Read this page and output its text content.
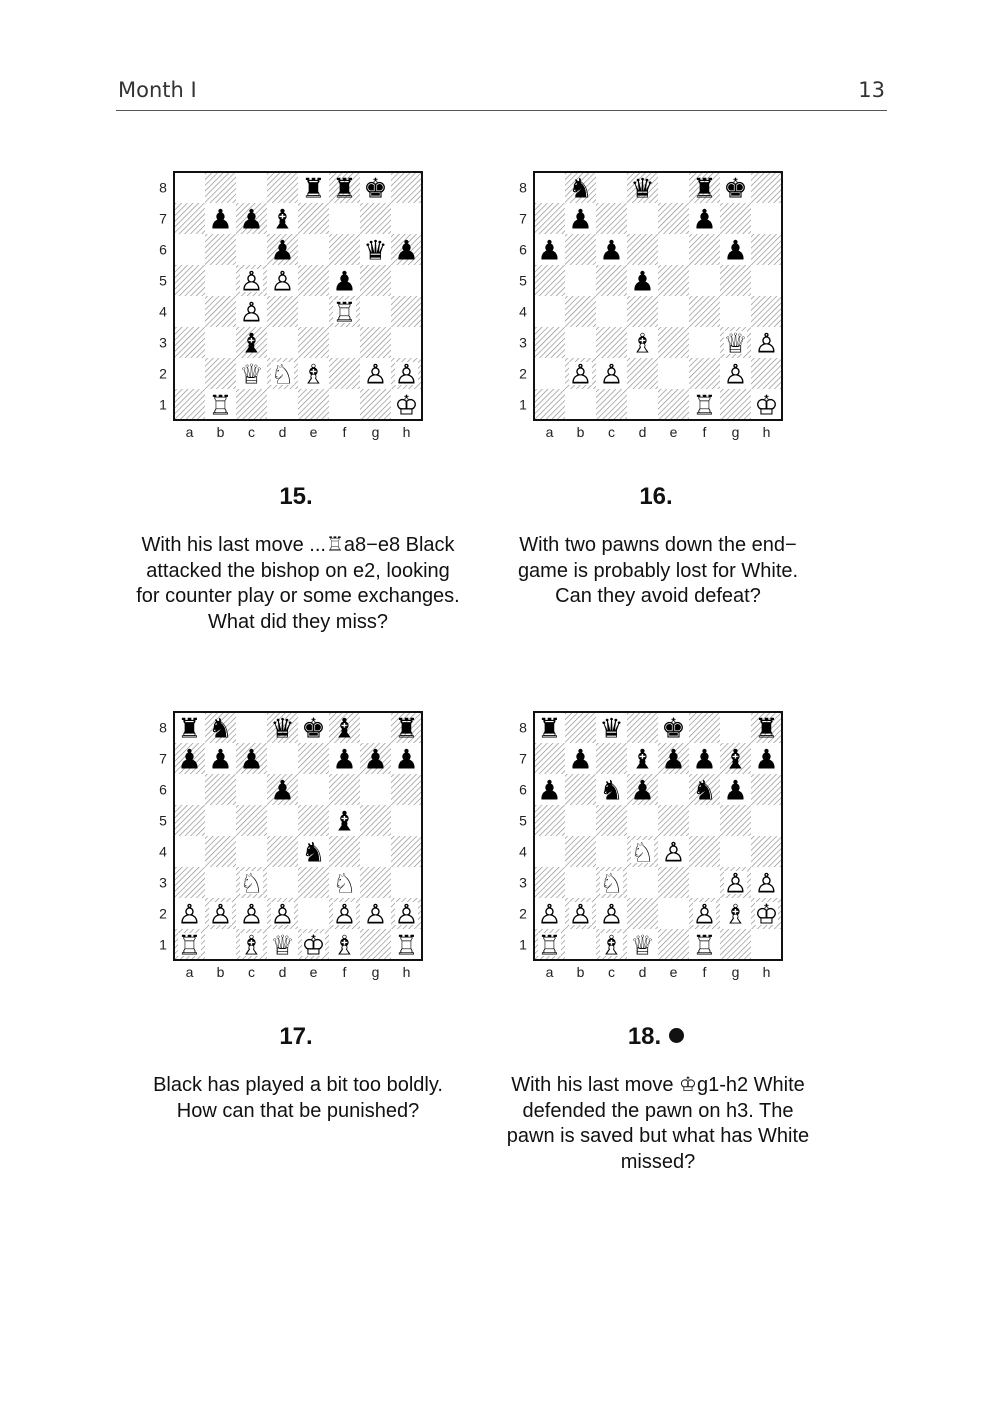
Month I	13
8
7
6
5
4
3
2
1
a b c d e f g h
♜ ♜ ♚
♟ ♟ ♝
♟	♛ ♟
♙ ♙ ♟
♙	♖
♝
♕ ♘ ♗ ♙ ♙
♖	♔
15.
With his last move ...♖a8−e8 Black
attacked the bishop on e2, looking
for counter play or some exchanges.
What did they miss?
8
7
6
5
4
3
2
1
a b c d e f g h
♞ ♛ ♜ ♚
♟	♟
♟ ♟	♟
♟
♗	♕ ♙
♙ ♙	♙
♖ ♔
16.
With two pawns down the end−
game is probably lost for White.
Can they avoid defeat?
8
7
6
5
4
3
2
1
a b c d e f g h
♜ ♞ ♛ ♚ ♝ ♜
♟ ♟ ♟	♟ ♟ ♟
♟
♝
♞
♘	♘
♙ ♙ ♙ ♙ ♙ ♙ ♙
♖ ♗ ♕ ♔ ♗ ♖
17.
Black has played a bit too boldly.
How can that be punished?
8
7
6
5
4
3
2
1
a b c d e f g h
♜ ♛ ♚	♜
♟ ♝ ♟ ♟ ♝ ♟
♟ ♞ ♟ ♞ ♟
♘ ♙
♘	♙ ♙
♙ ♙ ♙	♙ ♗ ♔
♖ ♗ ♕ ♖
18.
With his last move ♔g1-h2 White
defended the pawn on h3. The
pawn is saved but what has White
missed?
